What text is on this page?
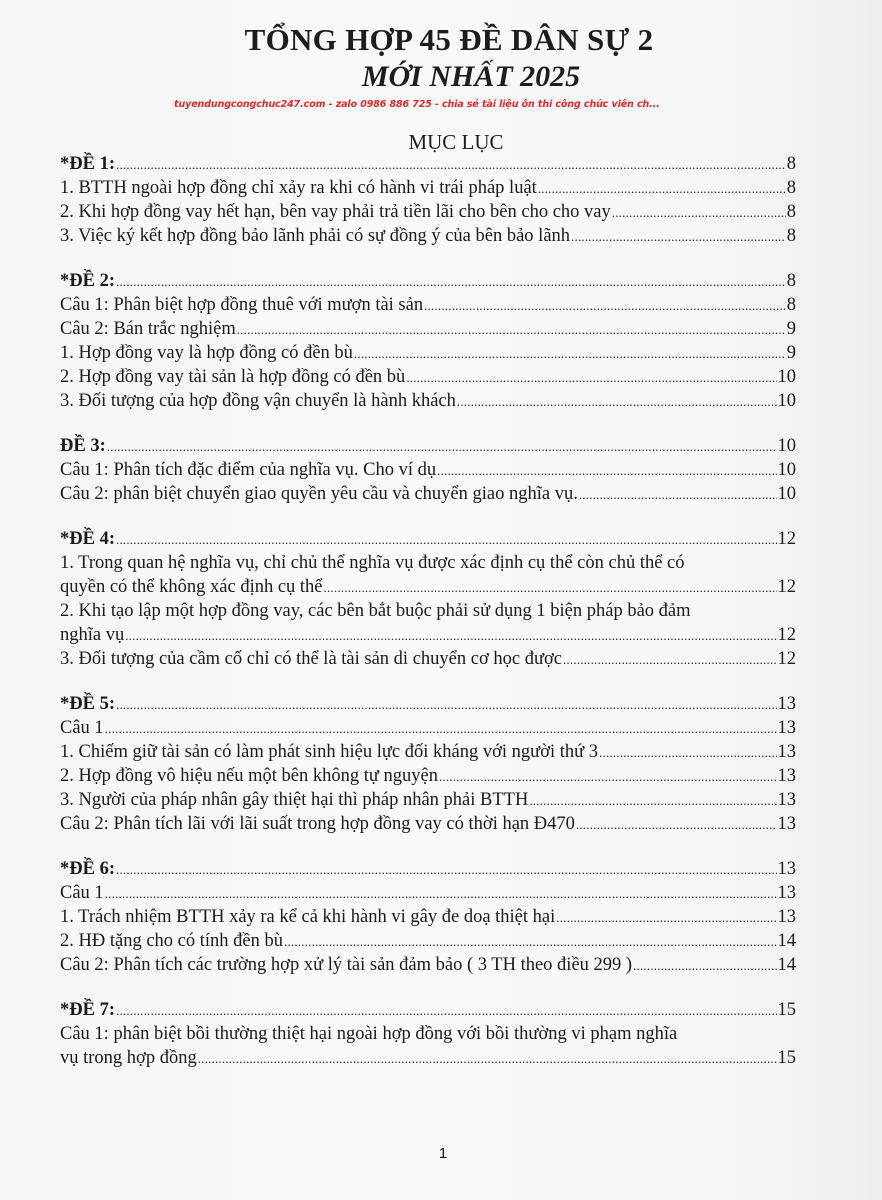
TỔNG HỢP 45 ĐỀ DÂN SỰ 2
MỚI NHẤT 2025
tuyendungcongchuc247.com - zalo 0986 886 725 - chia sẻ tài liệu ôn thi công chức viên ch...
MỤC LỤC
*ĐỀ 1: .....	8
1. BTTH ngoài hợp đồng chỉ xảy ra khi có hành vi trái pháp luật .....	8
2. Khi hợp đồng vay hết hạn, bên vay phải trả tiền lãi cho bên cho cho vay .....	8
3. Việc ký kết hợp đồng bảo lãnh phải có sự đồng ý của bên bảo lãnh .....	8
*ĐỀ 2: .....	8
Câu 1: Phân biệt hợp đồng thuê với mượn tài sản .....	8
Câu 2: Bán trắc nghiệm .....	9
1. Hợp đồng vay là hợp đồng có đền bù .....	9
2. Hợp đồng vay tài sản là hợp đồng có đền bù .....	10
3. Đối tượng của hợp đồng vận chuyển là hành khách .....	10
ĐỀ 3: .....	10
Câu 1: Phân tích đặc điểm của nghĩa vụ. Cho ví dụ .....	10
Câu 2: phân biệt chuyển giao quyền yêu cầu và chuyển giao nghĩa vụ. .....	10
*ĐỀ 4: .....	12
1. Trong quan hệ nghĩa vụ, chỉ chủ thể nghĩa vụ được xác định cụ thể còn chủ thể có
quyền có thể không xác định cụ thể .....	12
2. Khi tạo lập một hợp đồng vay, các bên bắt buộc phải sử dụng 1 biện pháp bảo đảm
nghĩa vụ .....	12
3. Đối tượng của cầm cố chỉ có thể là tài sản di chuyển cơ học được .....	12
*ĐỀ 5: .....	13
Câu 1 .....	13
1. Chiếm giữ tài sản có làm phát sinh hiệu lực đối kháng với người thứ 3 .....	13
2. Hợp đồng vô hiệu nếu một bên không tự nguyện .....	13
3. Người của pháp nhân gây thiệt hại thì pháp nhân phải BTTH .....	13
Câu 2: Phân tích lãi với lãi suất trong hợp đồng vay có thời hạn Đ470 .....	13
*ĐỀ 6: .....	13
Câu 1 .....	13
1. Trách nhiệm BTTH xảy ra kể cả khi hành vi gây đe doạ thiệt hại .....	13
2. HĐ tặng cho có tính đền bù .....	14
Câu 2: Phân tích các trường hợp xử lý tài sản đảm bảo ( 3 TH theo điều 299 ) .....	14
*ĐỀ 7: .....	15
Câu 1: phân biệt bồi thường thiệt hại ngoài hợp đồng với bồi thường vi phạm nghĩa
vụ trong hợp đồng .....	15
1
